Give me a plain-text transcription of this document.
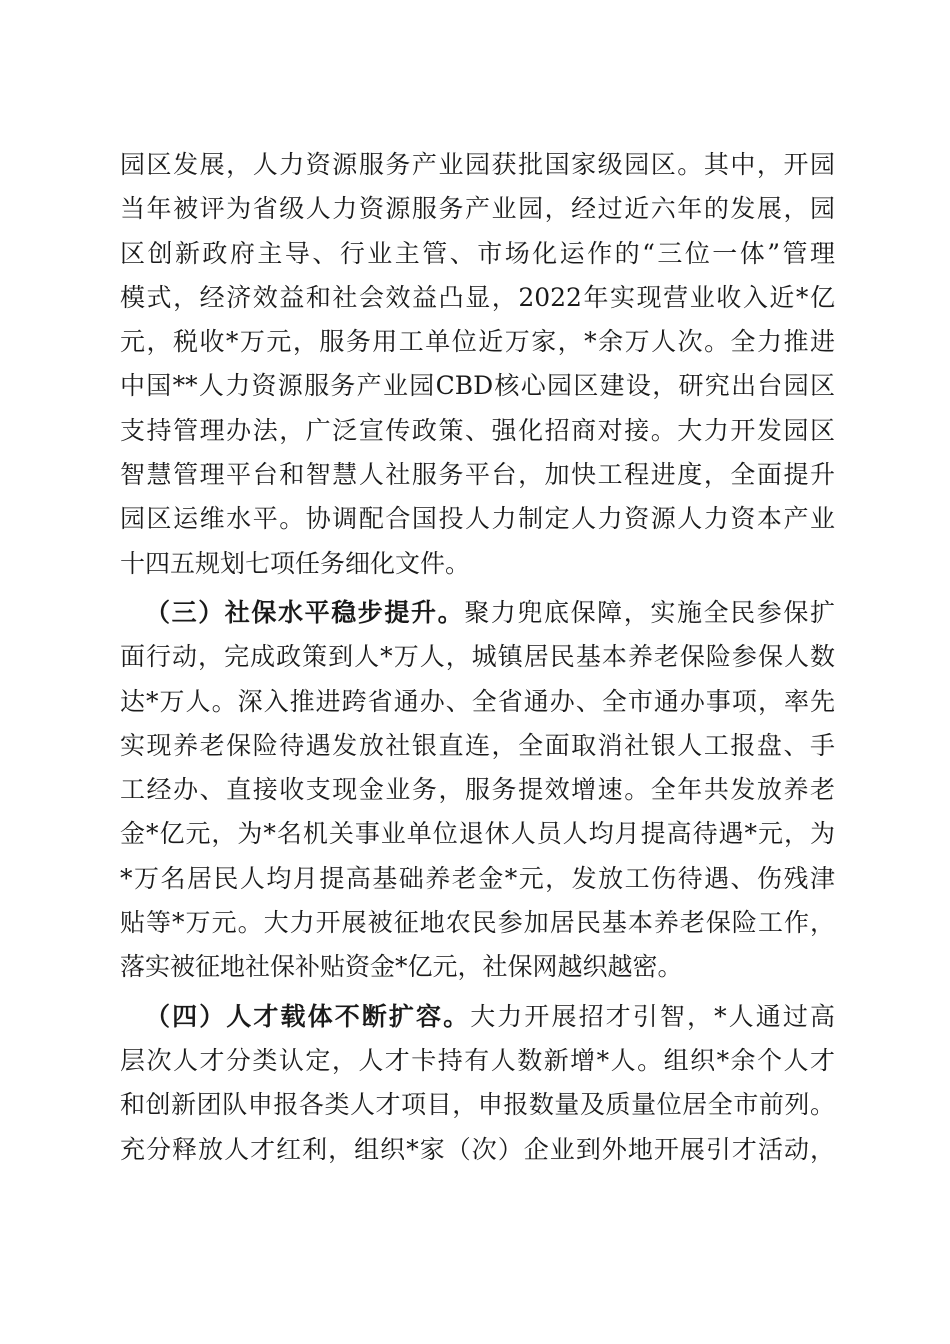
园区发展，人力资源服务产业园获批国家级园区。其中，开园
当年被评为省级人力资源服务产业园，经过近六年的发展，园
区创新政府主导、行业主管、市场化运作的“三位一体”管理
模式，经济效益和社会效益凸显，2022年实现营业收入近*亿
元，税收*万元，服务用工单位近万家，*余万人次。全力推进
中国**人力资源服务产业园CBD核心园区建设，研究出台园区
支持管理办法，广泛宣传政策、强化招商对接。大力开发园区
智慧管理平台和智慧人社服务平台，加快工程进度，全面提升
园区运维水平。协调配合国投人力制定人力资源人力资本产业
十四五规划七项任务细化文件。
（三）社保水平稳步提升。聚力兜底保障，实施全民参保扩
面行动，完成政策到人*万人，城镇居民基本养老保险参保人数
达*万人。深入推进跨省通办、全省通办、全市通办事项，率先
实现养老保险待遇发放社银直连，全面取消社银人工报盘、手
工经办、直接收支现金业务，服务提效增速。全年共发放养老
金*亿元，为*名机关事业单位退休人员人均月提高待遇*元，为
*万名居民人均月提高基础养老金*元，发放工伤待遇、伤残津
贴等*万元。大力开展被征地农民参加居民基本养老保险工作，
落实被征地社保补贴资金*亿元，社保网越织越密。
（四）人才载体不断扩容。大力开展招才引智，*人通过高
层次人才分类认定，人才卡持有人数新增*人。组织*余个人才
和创新团队申报各类人才项目，申报数量及质量位居全市前列。
充分释放人才红利，组织*家（次）企业到外地开展引才活动，
